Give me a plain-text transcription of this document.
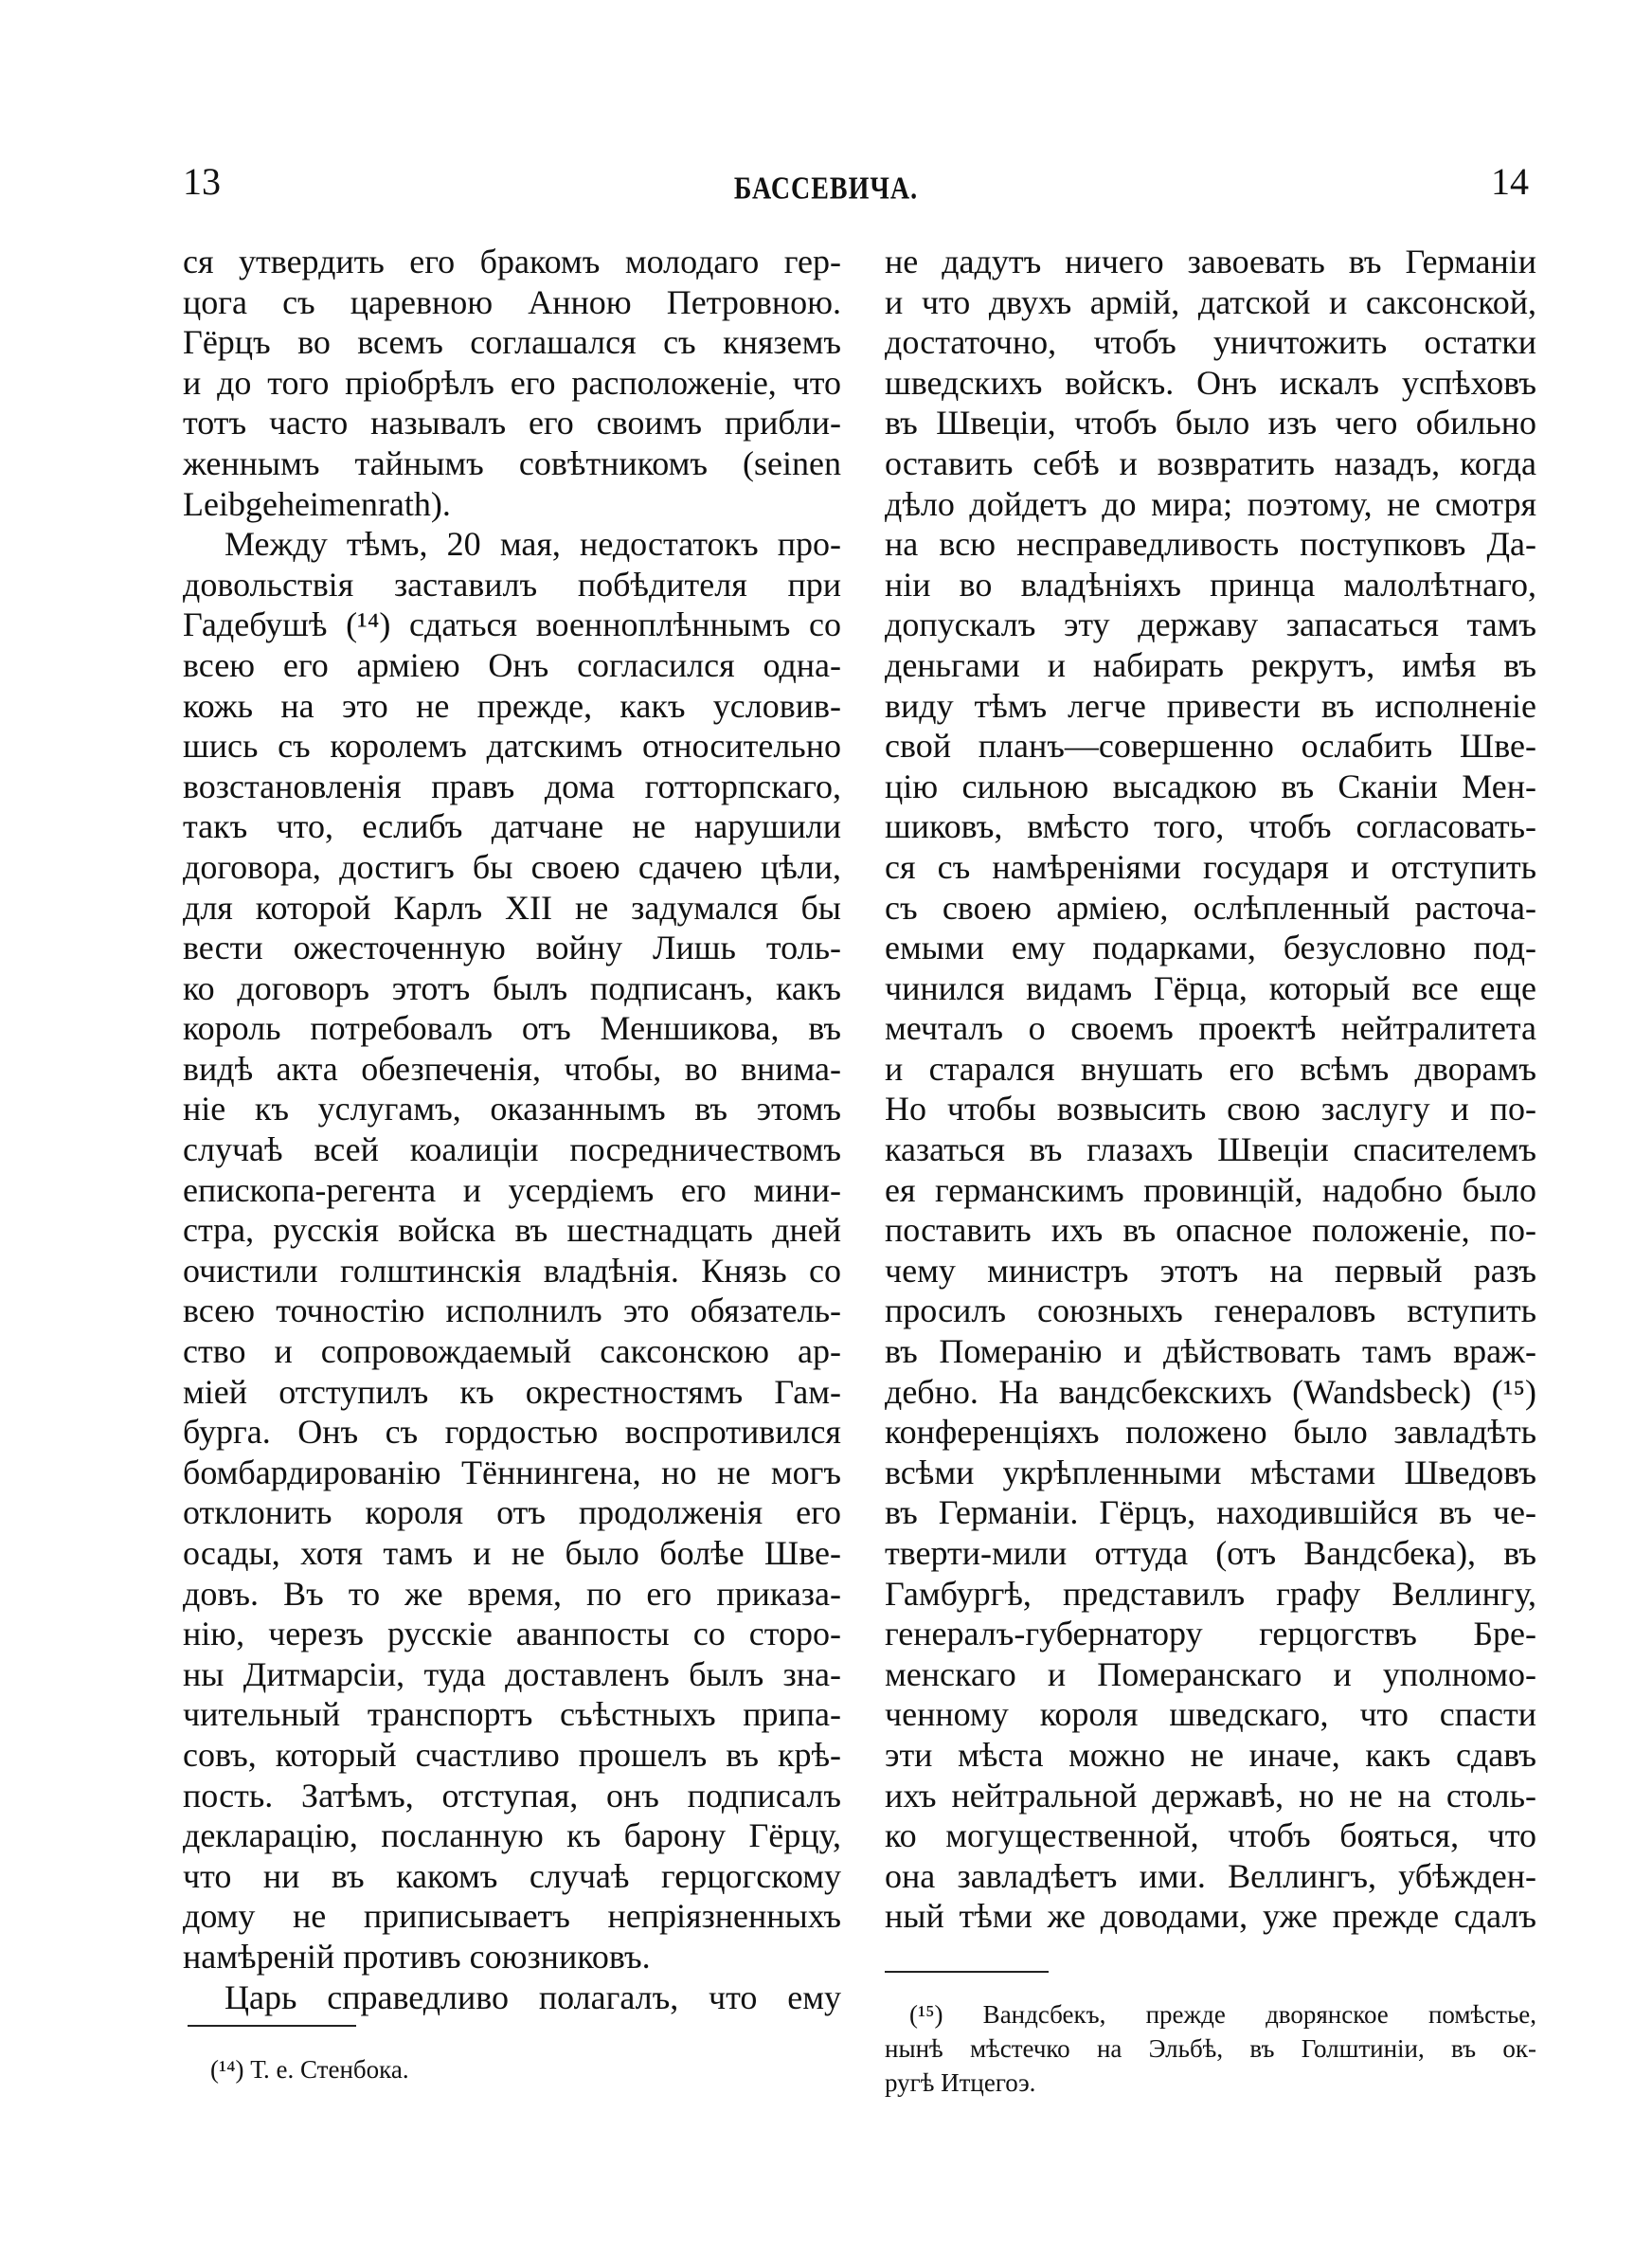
13	БАССЕВИЧА.	14
ся утвердить его бракомъ молодаго гер-
цога съ царевною Анною Петровною.
Гёрцъ во всемъ соглашался съ княземъ
и до того пріобрѣлъ его расположеніе, что
тотъ часто называлъ его своимъ прибли-
женнымъ тайнымъ совѣтникомъ (seinen
Leibgeheimenrath).
Между тѣмъ, 20 мая, недостатокъ про-
довольствія заставилъ побѣдителя при
Гадебушѣ (¹⁴) сдаться военноплѣннымъ со
всею его арміею Онъ согласился одна-
кожь на это не прежде, какъ условив-
шись съ королемъ датскимъ относительно
возстановленія правъ дома готторпскаго,
такъ что, еслибъ датчане не нарушили
договора, достигъ бы своею сдачею цѣли,
для которой Карлъ XII не задумался бы
вести ожесточенную войну Лишь толь-
ко договоръ этотъ былъ подписанъ, какъ
король потребовалъ отъ Меншикова, въ
видѣ акта обезпеченія, чтобы, во внима-
ніе къ услугамъ, оказаннымъ въ этомъ
случаѣ всей коалиціи посредничествомъ
епископа-регента и усердіемъ его мини-
стра, русскія войска въ шестнадцать дней
очистили голштинскія владѣнія. Князь со
всею точностію исполнилъ это обязатель-
ство и сопровождаемый саксонскою ар-
міей отступилъ къ окрестностямъ Гам-
бурга. Онъ съ гордостью воспротивился
бомбардированію Тённингена, но не могъ
отклонить короля отъ продолженія его
осады, хотя тамъ и не было болѣе Шве-
довъ. Въ то же время, по его приказа-
нію, черезъ русскіе аванпосты со сторо-
ны Дитмарсіи, туда доставленъ былъ зна-
чительный транспортъ съѣстныхъ припа-
совъ, который счастливо прошелъ въ крѣ-
пость. Затѣмъ, отступая, онъ подписалъ
декларацію, посланную къ барону Гёрцу,
что ни въ какомъ случаѣ герцогскому
дому не приписываетъ непріязненныхъ
намѣреній противъ союзниковъ.
Царь справедливо полагалъ, что ему
не дадутъ ничего завоевать въ Германіи
и что двухъ армій, датской и саксонской,
достаточно, чтобъ уничтожить остатки
шведскихъ войскъ. Онъ искалъ успѣховъ
въ Швеціи, чтобъ было изъ чего обильно
оставить себѣ и возвратить назадъ, когда
дѣло дойдетъ до мира; поэтому, не смотря
на всю несправедливость поступковъ Да-
ніи во владѣніяхъ принца малолѣтнаго,
допускалъ эту державу запасаться тамъ
деньгами и набирать рекрутъ, имѣя въ
виду тѣмъ легче привести въ исполненіе
свой планъ—совершенно ослабить Шве-
цію сильною высадкою въ Сканіи Мен-
шиковъ, вмѣсто того, чтобъ согласовать-
ся съ намѣреніями государя и отступить
съ своею арміею, ослѣпленный расточа-
емыми ему подарками, безусловно под-
чинился видамъ Гёрца, который все еще
мечталъ о своемъ проектѣ нейтралитета
и старался внушать его всѣмъ дворамъ
Но чтобы возвысить свою заслугу и по-
казаться въ глазахъ Швеціи спасителемъ
ея германскимъ провинцій, надобно было
поставить ихъ въ опасное положеніе, по-
чему министръ этотъ на первый разъ
просилъ союзныхъ генераловъ вступить
въ Померанію и дѣйствовать тамъ враж-
дебно. На вандсбекскихъ (Wandsbeck) (¹⁵)
конференціяхъ положено было завладѣть
всѣми укрѣпленными мѣстами Шведовъ
въ Германіи. Гёрцъ, находившійся въ че-
тверти-мили оттуда (отъ Вандсбека), въ
Гамбургѣ, представилъ графу Веллингу,
генералъ-губернатору герцогствъ Бре-
менскаго и Померанскаго и уполномо-
ченному короля шведскаго, что спасти
эти мѣста можно не иначе, какъ сдавъ
ихъ нейтральной державѣ, но не на столь-
ко могущественной, чтобъ бояться, что
она завладѣетъ ими. Веллингъ, убѣжден-
ный тѣми же доводами, уже прежде сдалъ
(¹⁴) Т. е. Стенбока.
(¹⁵) Вандсбекъ, прежде дворянское помѣстье,
нынѣ мѣстечко на Эльбѣ, въ Голштиніи, въ ок-
ругѣ Итцегоэ.
